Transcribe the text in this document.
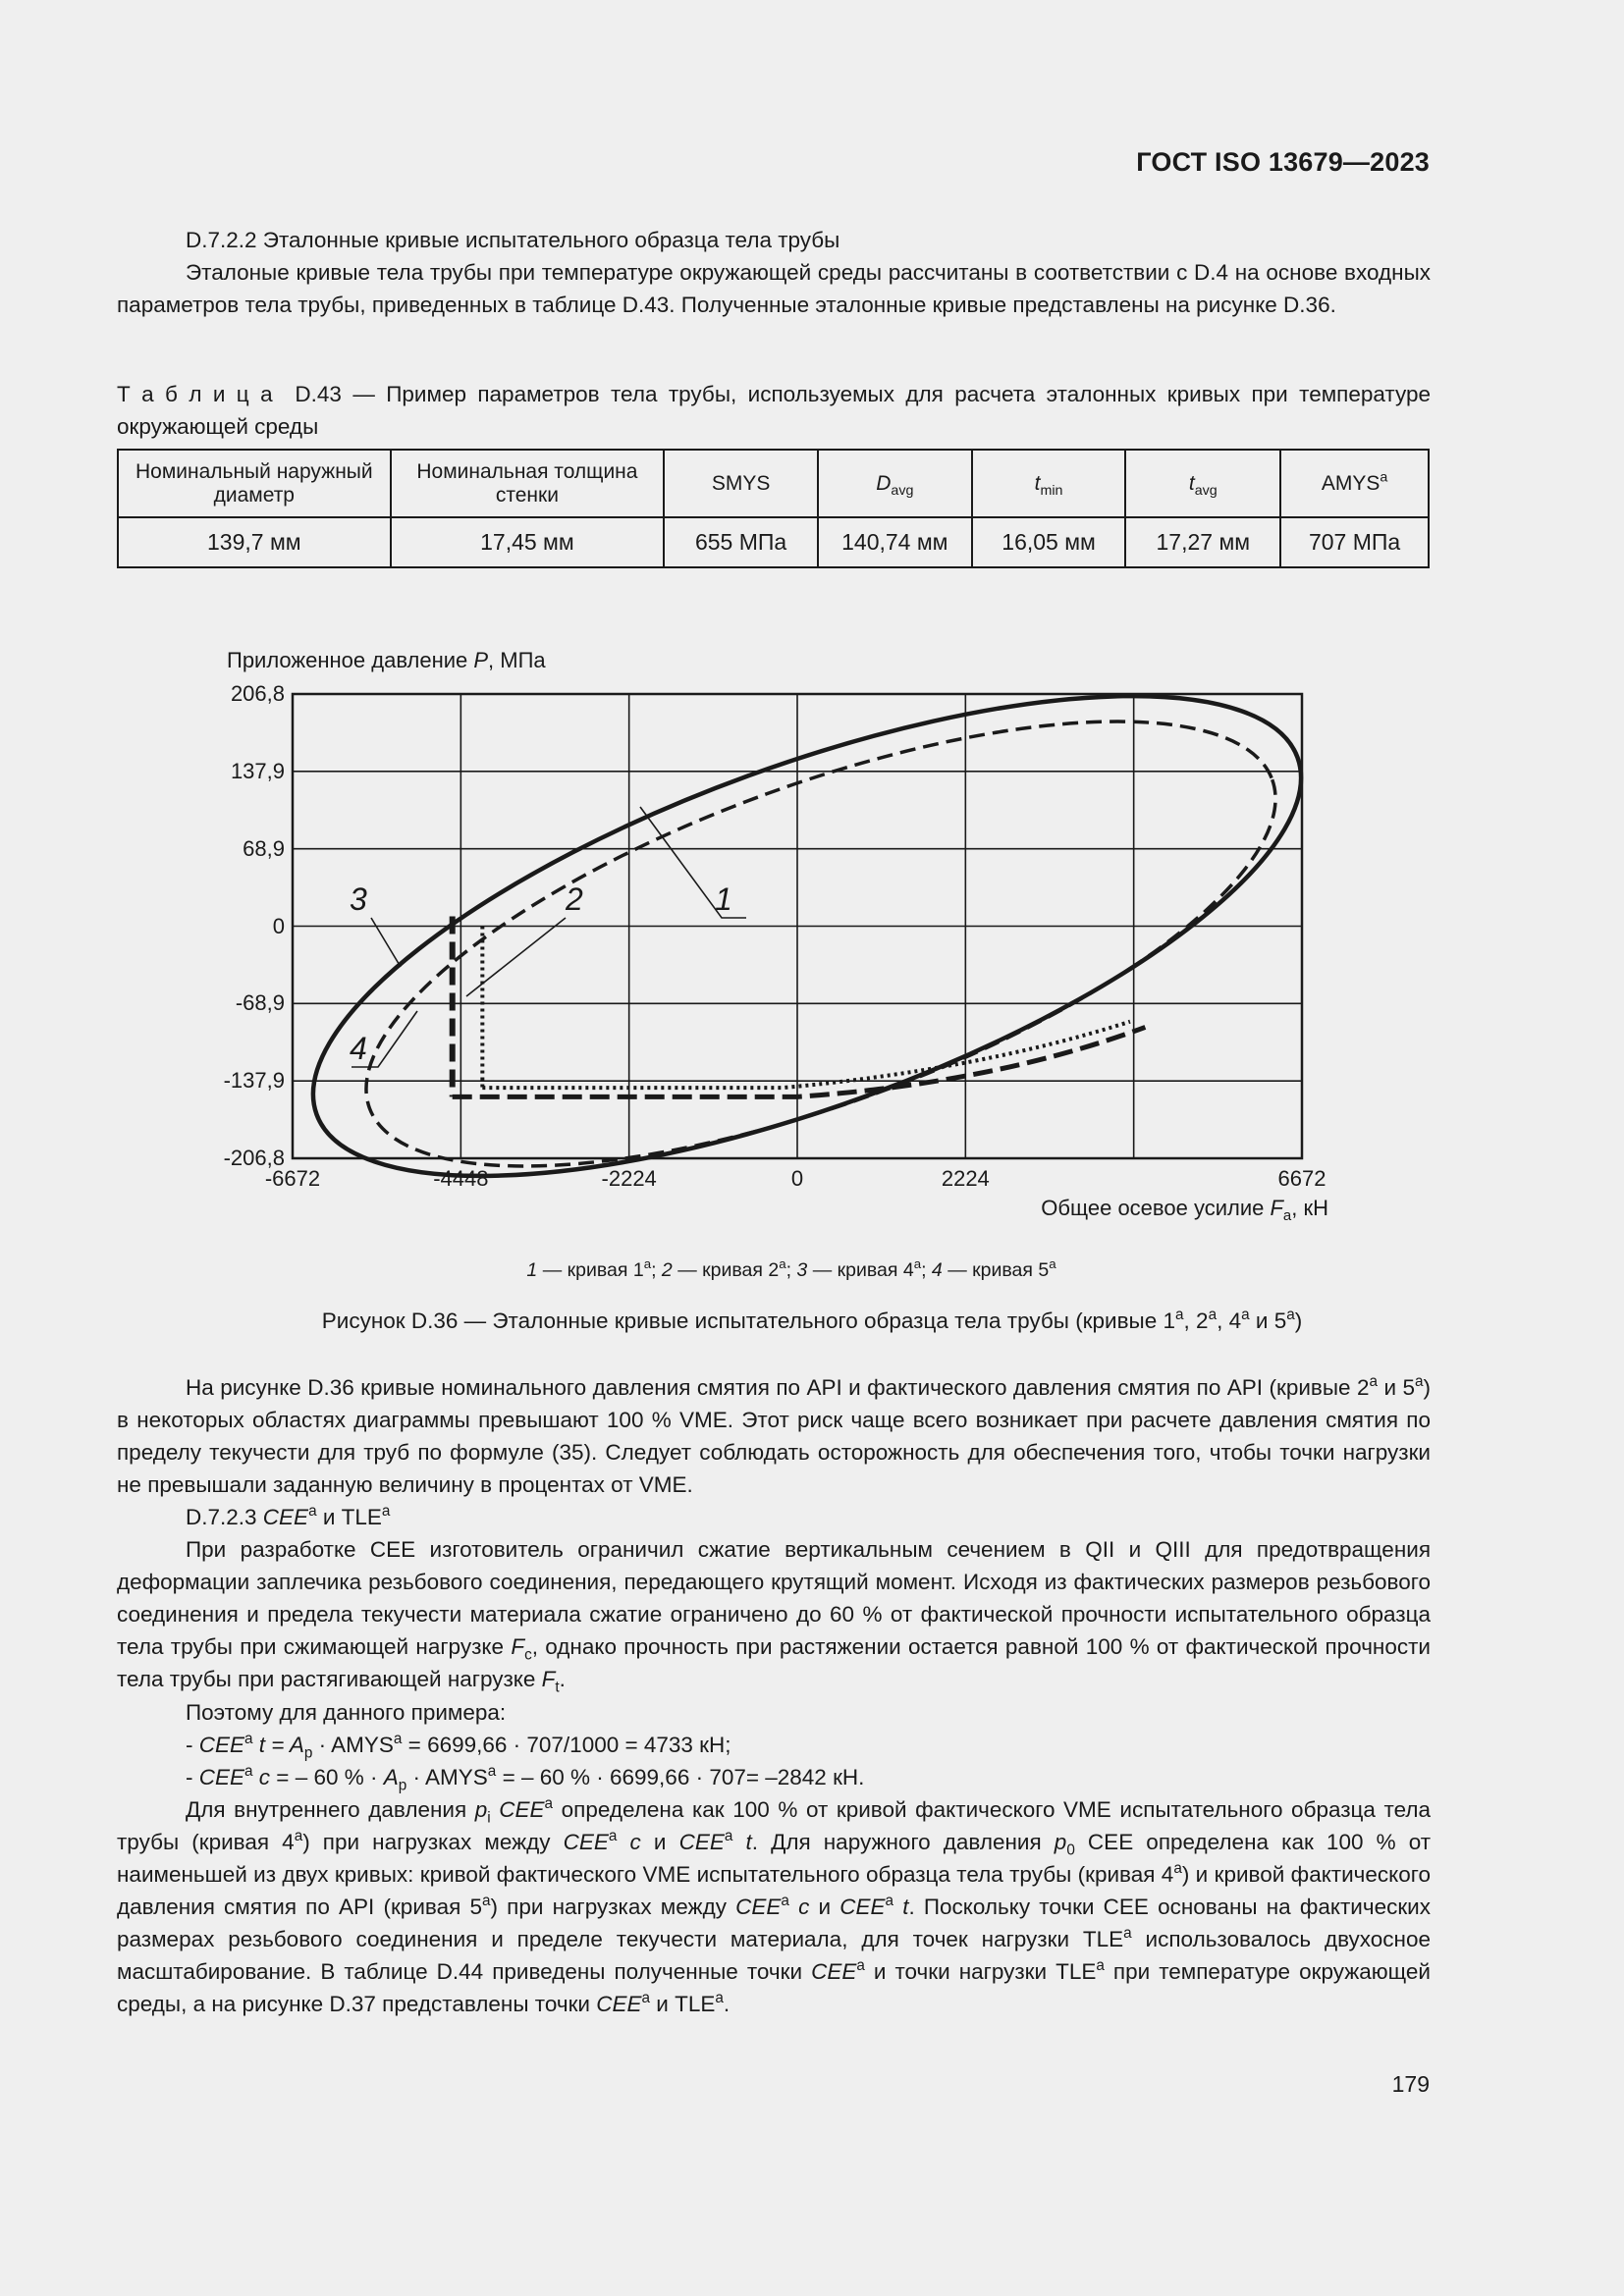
ГОСТ ISO 13679—2023
D.7.2.2 Эталонные кривые испытательного образца тела трубы
Эталоные кривые тела трубы при температуре окружающей среды рассчитаны в соответствии с D.4 на основе входных параметров тела трубы, приведенных в таблице D.43. Полученные эталонные кривые представлены на рисунке D.36.
Т а б л и ц а D.43 — Пример параметров тела трубы, используемых для расчета эталонных кривых при температуре окружающей среды
Номинальный наружный диаметр	Номинальная толщина стенки	SMYS	$D_{avg}$	$t_{min}$	$t_{avg}$	AMYS$^a$
139,7 мм	17,45 мм	655 МПа	140,74 мм	16,05 мм	17,27 мм	707 МПа
Приложенное давление P, МПа
206,8
137,9
68,9
0
-68,9
-137,9
-206,8
-6672	-4448	-2224	0	2224	6672
Общее осевое усилие $F_a$, кН
3	2	1
4
1 — кривая 1$^a$; 2 — кривая 2$^a$; 3 — кривая 4$^a$; 4 — кривая 5$^a$
Рисунок D.36 — Эталонные кривые испытательного образца тела трубы (кривые 1$^a$, 2$^a$, 4$^a$ и 5$^a$)
На рисунке D.36 кривые номинального давления смятия по API и фактического давления смятия по API (кривые 2$^a$ и 5$^a$) в некоторых областях диаграммы превышают 100 % VME. Этот риск чаще всего возникает при расчете давления смятия по пределу текучести для труб по формуле (35). Следует соблюдать осторожность для обеспечения того, чтобы точки нагрузки не превышали заданную величину в процентах от VME.
D.7.2.3 CEE$^a$ и TLE$^a$
При разработке CEE изготовитель ограничил сжатие вертикальным сечением в QII и QIII для предотвращения деформации заплечика резьбового соединения, передающего крутящий момент. Исходя из фактических размеров резьбового соединения и предела текучести материала сжатие ограничено до 60 % от фактической прочности испытательного образца тела трубы при сжимающей нагрузке $F_c$, однако прочность при растяжении остается равной 100 % от фактической прочности тела трубы при растягивающей нагрузке $F_t$.
Поэтому для данного примера:
- CEE$^a$ $t = A_p$ · $AMYS^a = 6699,66 \cdot 707/1000 = 4733$ кН;
- CEE$^a$ c = – 60 % · $A_p$ · $AMYS^a$ = – 60 % · 6699,66 · 707= –2842 кН.
Для внутреннего давления $p_i$ CEE$^a$ определена как 100 % от кривой фактического VME испытательного образца тела трубы (кривая 4$^a$) при нагрузках между CEE$^a$ c и CEE$^a$ t. Для наружного давления $p_0$ CEE определена как 100 % от наименьшей из двух кривых: кривой фактического VME испытательного образца тела трубы (кривая 4$^a$) и кривой фактического давления смятия по API (кривая 5$^a$) при нагрузках между CEE$^a$ c и CEE$^a$ t. Поскольку точки CEE основаны на фактических размерах резьбового соединения и пределе текучести материала, для точек нагрузки TLE$^a$ использовалось двухосное масштабирование. В таблице D.44 приведены полученные точки CEE$^a$ и точки нагрузки TLE$^a$ при температуре окружающей среды, а на рисунке D.37 представлены точки CEE$^a$ и TLE$^a$.
179
